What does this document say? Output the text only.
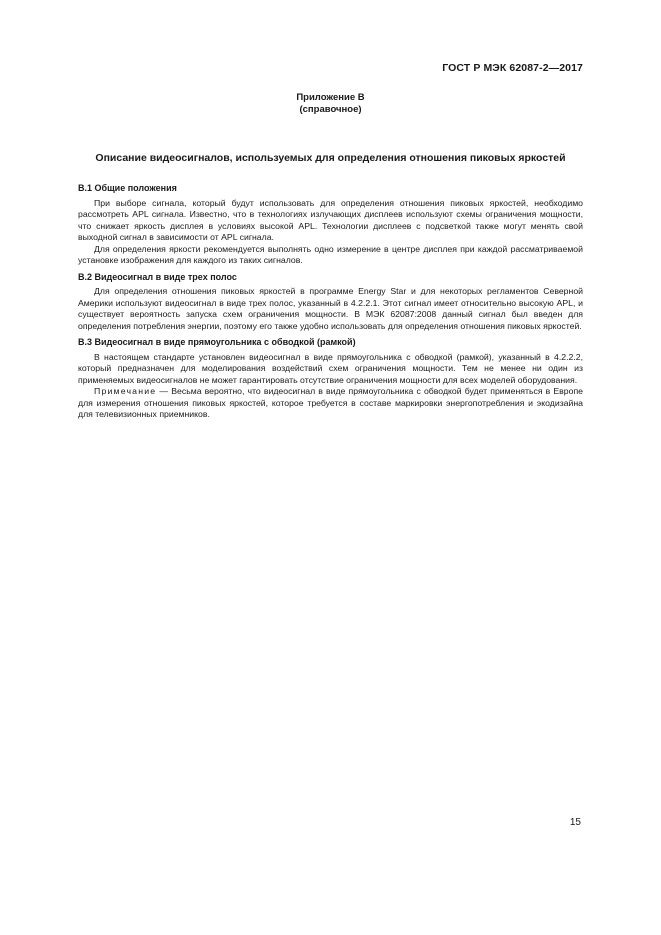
ГОСТ Р МЭК 62087-2—2017
Приложение В
(справочное)
Описание видеосигналов, используемых для определения отношения пиковых яркостей
В.1 Общие положения

При выборе сигнала, который будут использовать для определения отношения пиковых яркостей, необходимо рассмотреть APL сигнала. Известно, что в технологиях излучающих дисплеев используют схемы ограничения мощности, что снижает яркость дисплея в условиях высокой APL. Технологии дисплеев с подсветкой также могут менять свой выходной сигнал в зависимости от APL сигнала.

Для определения яркости рекомендуется выполнять одно измерение в центре дисплея при каждой рассматриваемой установке изображения для каждого из таких сигналов.

В.2 Видеосигнал в виде трех полос

Для определения отношения пиковых яркостей в программе Energy Star и для некоторых регламентов Северной Америки используют видеосигнал в виде трех полос, указанный в 4.2.2.1. Этот сигнал имеет относительно высокую APL, и существует вероятность запуска схем ограничения мощности. В МЭК 62087:2008 данный сигнал был введен для определения потребления энергии, поэтому его также удобно использовать для определения отношения пиковых яркостей.

В.3 Видеосигнал в виде прямоугольника с обводкой (рамкой)

В настоящем стандарте установлен видеосигнал в виде прямоугольника с обводкой (рамкой), указанный в 4.2.2.2, который предназначен для моделирования воздействий схем ограничения мощности. Тем не менее ни один из применяемых видеосигналов не может гарантировать отсутствие ограничения мощности для всех моделей оборудования.

Примечание — Весьма вероятно, что видеосигнал в виде прямоугольника с обводкой будет применяться в Европе для измерения отношения пиковых яркостей, которое требуется в составе маркировки энергопотребления и экодизайна для телевизионных приемников.

15
